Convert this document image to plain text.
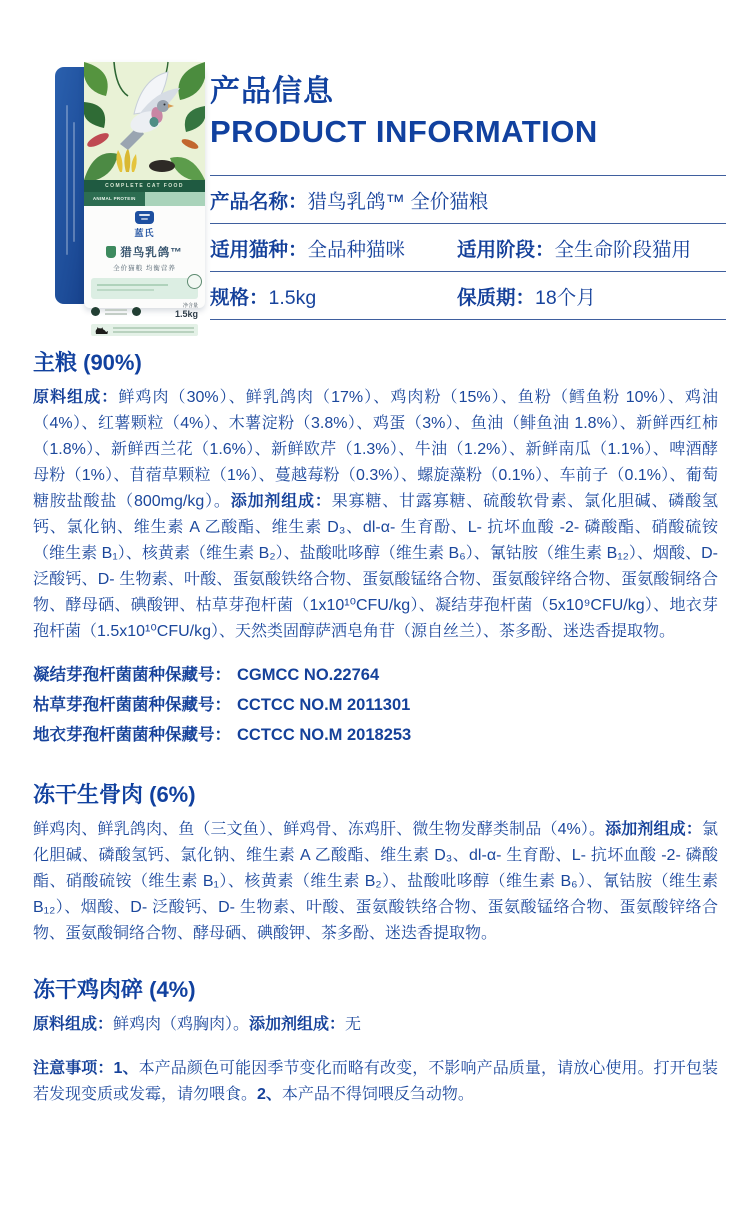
COMPLETE CAT FOOD
ANIMAL PROTEIN
蓝氏
猎鸟乳鸽™
全价猫粮 均衡营养
净含量
1.5kg
产品信息
PRODUCT INFORMATION
产品名称： 猎鸟乳鸽™ 全价猫粮
适用猫种： 全品种猫咪	适用阶段： 全生命阶段猫用
规格： 1.5kg	保质期： 18个月
主粮 (90%)

原料组成：鲜鸡肉（30%）、鲜乳鸽肉（17%）、鸡肉粉（15%）、鱼粉（鳕鱼粉 10%）、鸡油（4%）、红薯颗粒（4%）、木薯淀粉（3.8%）、鸡蛋（3%）、鱼油（鲱鱼油 1.8%）、新鲜西红柿（1.8%）、新鲜西兰花（1.6%）、新鲜欧芹（1.3%）、牛油（1.2%）、新鲜南瓜（1.1%）、啤酒酵母粉（1%）、苜蓿草颗粒（1%）、蔓越莓粉（0.3%）、螺旋藻粉（0.1%）、车前子（0.1%）、葡萄糖胺盐酸盐（800mg/kg）。添加剂组成：果寡糖、甘露寡糖、硫酸软骨素、氯化胆碱、磷酸氢钙、氯化钠、维生素 A 乙酸酯、维生素 D₃、dl-α- 生育酚、L- 抗坏血酸 -2- 磷酸酯、硝酸硫铵（维生素 B₁）、核黄素（维生素 B₂）、盐酸吡哆醇（维生素 B₆）、氰钴胺（维生素 B₁₂）、烟酸、D- 泛酸钙、D- 生物素、叶酸、蛋氨酸铁络合物、蛋氨酸锰络合物、蛋氨酸锌络合物、蛋氨酸铜络合物、酵母硒、碘酸钾、枯草芽孢杆菌（1x10¹⁰CFU/kg）、凝结芽孢杆菌（5x10⁹CFU/kg）、地衣芽孢杆菌（1.5x10¹⁰CFU/kg）、天然类固醇萨洒皂角苷（源自丝兰）、茶多酚、迷迭香提取物。

凝结芽孢杆菌菌种保藏号： CGMCC NO.22764
枯草芽孢杆菌菌种保藏号： CCTCC NO.M 2011301
地衣芽孢杆菌菌种保藏号： CCTCC NO.M 2018253
冻干生骨肉 (6%)

鲜鸡肉、鲜乳鸽肉、鱼（三文鱼）、鲜鸡骨、冻鸡肝、微生物发酵类制品（4%）。添加剂组成：氯化胆碱、磷酸氢钙、氯化钠、维生素 A 乙酸酯、维生素 D₃、dl-α- 生育酚、L- 抗坏血酸 -2- 磷酸酯、硝酸硫铵（维生素 B₁）、核黄素（维生素 B₂）、盐酸吡哆醇（维生素 B₆）、氰钴胺（维生素 B₁₂）、烟酸、D- 泛酸钙、D- 生物素、叶酸、蛋氨酸铁络合物、蛋氨酸锰络合物、蛋氨酸锌络合物、蛋氨酸铜络合物、酵母硒、碘酸钾、茶多酚、迷迭香提取物。

冻干鸡肉碎 (4%)

原料组成：鲜鸡肉（鸡胸肉）。添加剂组成：无

注意事项：1、本产品颜色可能因季节变化而略有改变，不影响产品质量，请放心使用。打开包装若发现变质或发霉，请勿喂食。2、本产品不得饲喂反刍动物。
